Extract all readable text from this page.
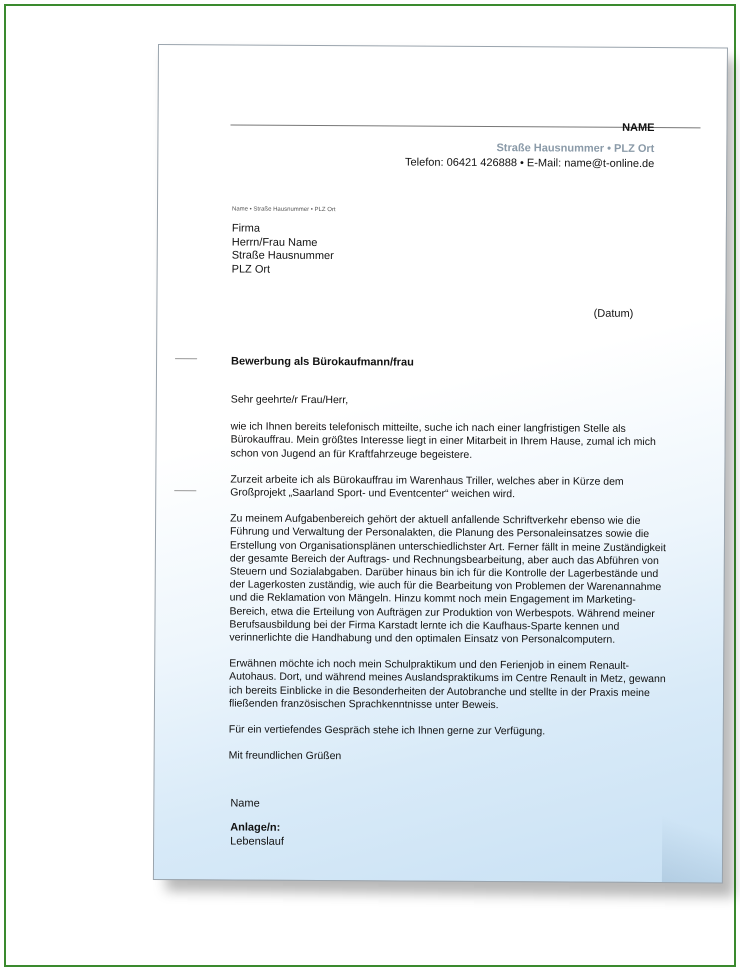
NAME
Straße Hausnummer • PLZ Ort
Telefon: 06421 426888 • E-Mail: name@t-online.de
Name • Straße Hausnummer • PLZ Ort
Firma
Herrn/Frau Name
Straße Hausnummer
PLZ Ort
(Datum)
Bewerbung als Bürokaufmann/frau

Sehr geehrte/r Frau/Herr,

wie ich Ihnen bereits telefonisch mitteilte, suche ich nach einer langfristigen Stelle als Bürokauffrau. Mein größtes Interesse liegt in einer Mitarbeit in Ihrem Hause, zumal ich mich schon von Jugend an für Kraftfahrzeuge begeistere.

Zurzeit arbeite ich als Bürokauffrau im Warenhaus Triller, welches aber in Kürze dem Großprojekt „Saarland Sport- und Eventcenter“ weichen wird.

Zu meinem Aufgabenbereich gehört der aktuell anfallende Schriftverkehr ebenso wie die Führung und Verwaltung der Personalakten, die Planung des Personaleinsatzes sowie die Erstellung von Organisationsplänen unterschiedlichster Art. Ferner fällt in meine Zuständigkeit der gesamte Bereich der Auftrags- und Rechnungsbearbeitung, aber auch das Abführen von Steuern und Sozialabgaben. Darüber hinaus bin ich für die Kontrolle der Lagerbestände und der Lagerkosten zuständig, wie auch für die Bearbeitung von Problemen der Warenannahme und die Reklamation von Mängeln. Hinzu kommt noch mein Engagement im Marketing-Bereich, etwa die Erteilung von Aufträgen zur Produktion von Werbespots. Während meiner Berufsausbildung bei der Firma Karstadt lernte ich die Kaufhaus-Sparte kennen und verinnerlichte die Handhabung und den optimalen Einsatz von Personalcomputern.

Erwähnen möchte ich noch mein Schulpraktikum und den Ferienjob in einem Renault-Autohaus. Dort, und während meines Auslandspraktikums im Centre Renault in Metz, gewann ich bereits Einblicke in die Besonderheiten der Autobranche und stellte in der Praxis meine fließenden französischen Sprachkenntnisse unter Beweis.

Für ein vertiefendes Gespräch stehe ich Ihnen gerne zur Verfügung.

Mit freundlichen Grüßen

Name
Anlage/n:
Lebenslauf
